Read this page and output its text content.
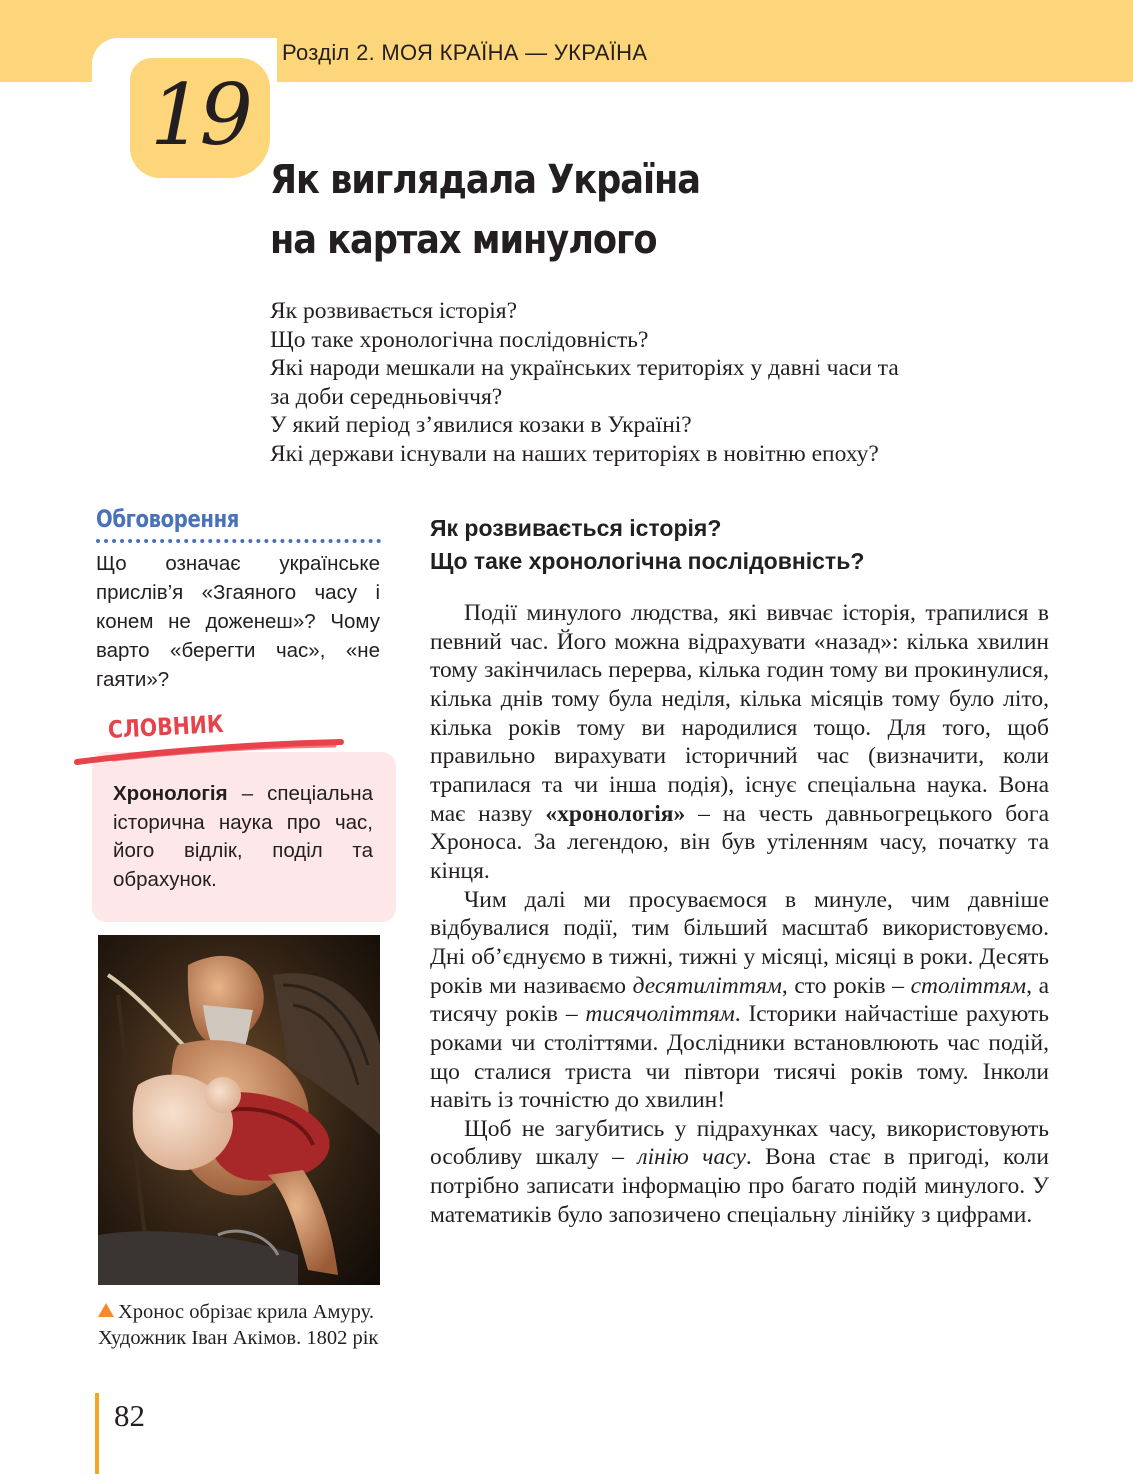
Розділ 2. МОЯ КРАЇНА — УКРАЇНА
19
Як виглядала Україна
на картах минулого
Як розвивається історія?
Що таке хронологічна послідовність?
Які народи мешкали на українських територіях у давні часи та
за доби середньовіччя?
У який період з’явилися козаки в Україні?
Які держави існували на наших територіях в новітню епоху?
Обговорення
Що означає українське прислів’я «Згаяного часу і конем не доженеш»? Чому варто «берегти час», «не гаяти»?
СЛОВНИК
Хронологія – спеціальна історична наука про час, його відлік, поділ та обрахунок.
Хронос обрізає крила Амуру. Художник Іван Акімов. 1802 рік
82
Як розвивається історія?
Що таке хронологічна послідовність?

Події минулого людства, які вивчає історія, трапилися в певний час. Його можна відрахувати «назад»: кілька хвилин тому закінчилась перерва, кілька годин тому ви прокинулися, кілька днів тому була неділя, кілька місяців тому було літо, кілька років тому ви народилися тощо. Для того, щоб правильно вирахувати історичний час (визначити, коли трапилася та чи інша подія), існує спеціальна наука. Вона має назву «хронологія» – на честь давньогрецького бога Хроноса. За легендою, він був утіленням часу, початку та кінця.

Чим далі ми просуваємося в минуле, чим давніше відбувалися події, тим більший масштаб використовуємо. Дні об’єднуємо в тижні, тижні у місяці, місяці в роки. Десять років ми називаємо десятиліттям, сто років – століттям, а тисячу років – тисячоліттям. Історики найчастіше рахують роками чи століттями. Дослідники встановлюють час подій, що сталися триста чи півтори тисячі років тому. Інколи навіть із точністю до хвилин!

Щоб не загубитись у підрахунках часу, використовують особливу шкалу – лінію часу. Вона стає в пригоді, коли потрібно записати інформацію про багато подій минулого. У математиків було запозичено спеціальну лінійку з цифрами.
